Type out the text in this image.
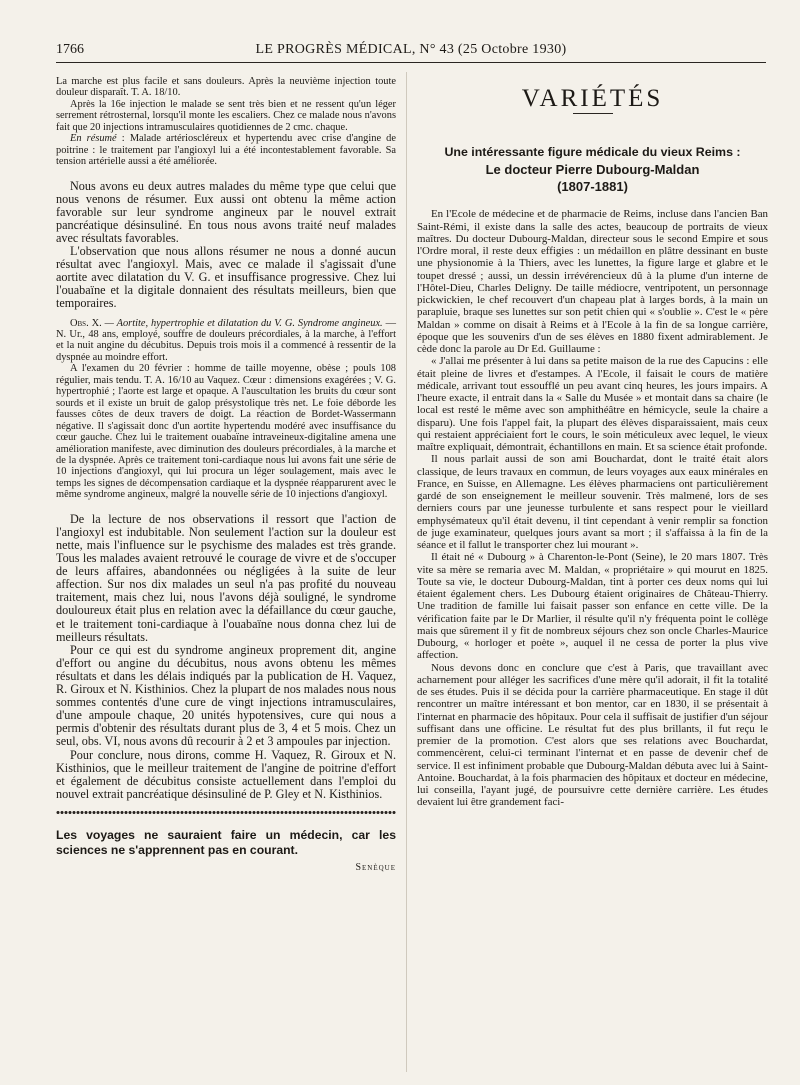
1766	LE PROGRÈS MÉDICAL, N° 43 (25 Octobre 1930)

La marche est plus facile et sans douleurs. Après la neuvième injection toute douleur disparaît. T. A. 18/10.

Après la 16e injection le malade se sent très bien et ne ressent qu'un léger serrement rétrosternal, lorsqu'il monte les escaliers. Chez ce malade nous n'avons fait que 20 injections intramusculaires quotidiennes de 2 cmc. chaque.

En résumé : Malade artérioscléreux et hypertendu avec crise d'angine de poitrine : le traitement par l'angioxyl lui a été incontestablement favorable. Sa tension artérielle aussi a été améliorée.

Nous avons eu deux autres malades du même type que celui que nous venons de résumer. Eux aussi ont obtenu la même action favorable sur leur syndrome angineux par le nouvel extrait pancréatique désinsuliné. En tous nous avons traité neuf malades avec résultats favorables.

L'observation que nous allons résumer ne nous a donné aucun résultat avec l'angioxyl. Mais, avec ce malade il s'agissait d'une aortite avec dilatation du V. G. et insuffisance progressive. Chez lui l'ouabaïne et la digitale donnaient des résultats meilleurs, bien que temporaires.

Obs. X. — Aortite, hypertrophie et dilatation du V. G. Syndrome angineux. — N. Ur., 48 ans, employé, souffre de douleurs précordiales, à la marche, à l'effort et la nuit angine du décubitus. Depuis trois mois il a commencé à ressentir de la dyspnée au moindre effort.

A l'examen du 20 février : homme de taille moyenne, obèse ; pouls 108 régulier, mais tendu. T. A. 16/10 au Vaquez. Cœur : dimensions exagérées ; V. G. hypertrophié ; l'aorte est large et opaque. A l'auscultation les bruits du cœur sont sourds et il existe un bruit de galop présystolique très net. Le foie déborde les fausses côtes de deux travers de doigt. La réaction de Bordet-Wassermann négative. Il s'agissait donc d'un aortite hypertendu modéré avec insuffisance du cœur gauche. Chez lui le traitement ouabaïne intraveineux-digitaline amena une amélioration manifeste, avec diminution des douleurs précordiales, à la marche et de la dyspnée. Après ce traitement toni-cardiaque nous lui avons fait une série de 10 injections d'angioxyl, qui lui procura un léger soulagement, mais avec le temps les signes de décompensation cardiaque et la dyspnée réapparurent avec le même syndrome angineux, malgré la nouvelle série de 10 injections d'angioxyl.

De la lecture de nos observations il ressort que l'action de l'angioxyl est indubitable. Non seulement l'action sur la douleur est nette, mais l'influence sur le psychisme des malades est très grande. Tous les malades avaient retrouvé le courage de vivre et de s'occuper de leurs affaires, abandonnées ou négligées à la suite de leur affection. Sur nos dix malades un seul n'a pas profité du nouveau traitement, mais chez lui, nous l'avons déjà souligné, le syndrome douloureux était plus en relation avec la défaillance du cœur gauche, et le traitement toni-cardiaque à l'ouabaïne nous donna chez lui de meilleurs résultats.

Pour ce qui est du syndrome angineux proprement dit, angine d'effort ou angine du décubitus, nous avons obtenu les mêmes résultats et dans les délais indiqués par la publication de H. Vaquez, R. Giroux et N. Kisthinios. Chez la plupart de nos malades nous nous sommes contentés d'une cure de vingt injections intramusculaires, d'une ampoule chaque, 20 unités hypotensives, cure qui nous a permis d'obtenir des résultats durant plus de 3, 4 et 5 mois. Chez un seul, obs. VI, nous avons dû recourir à 2 et 3 ampoules par injection.

Pour conclure, nous dirons, comme H. Vaquez, R. Giroux et N. Kisthinios, que le meilleur traitement de l'angine de poitrine d'effort et également de décubitus consiste actuellement dans l'emploi du nouvel extrait pancréatique désinsuliné de P. Gley et N. Kisthinios.

Les voyages ne sauraient faire un médecin, car les sciences ne s'apprennent pas en courant.
Senèque
VARIÉTÉS
Une intéressante figure médicale du vieux Reims :
Le docteur Pierre Dubourg-Maldan
(1807-1881)

En l'Ecole de médecine et de pharmacie de Reims, incluse dans l'ancien Ban Saint-Rémi, il existe dans la salle des actes, beaucoup de portraits de vieux maîtres. Du docteur Dubourg-Maldan, directeur sous le second Empire et sous l'Ordre moral, il reste deux effigies : un médaillon en plâtre dessinant en buste une physionomie à la Thiers, avec les lunettes, la figure large et glabre et le toupet dressé ; aussi, un dessin irrévérencieux dû à la plume d'un interne de l'Hôtel-Dieu, Charles Deligny. De taille médiocre, ventripotent, un personnage pickwickien, le chef recouvert d'un chapeau plat à larges bords, à la main un parapluie, braque ses lunettes sur son petit chien qui « s'oublie ». C'est le « père Maldan » comme on disait à Reims et à l'Ecole à la fin de sa longue carrière, époque que les souvenirs d'un de ses élèves en 1880 fixent admirablement. Je cède donc la parole au Dr Ed. Guillaume :

« J'allai me présenter à lui dans sa petite maison de la rue des Capucins : elle était pleine de livres et d'estampes. A l'Ecole, il faisait le cours de matière médicale, arrivant tout essoufflé un peu avant cinq heures, les jours impairs. A l'heure exacte, il entrait dans la « Salle du Musée » et montait dans sa chaire (le local est resté le même avec son amphithéâtre en hémicycle, seule la chaire a disparu). Une fois l'appel fait, la plupart des élèves disparaissaient, mais ceux qui restaient appréciaient fort le cours, le soin méticuleux avec lequel, le vieux maître expliquait, démontrait, échantillons en main. Et sa science était profonde.

Il nous parlait aussi de son ami Bouchardat, dont le traité était alors classique, de leurs travaux en commun, de leurs voyages aux eaux minérales en France, en Suisse, en Allemagne. Les élèves pharmaciens ont particulièrement gardé de son enseignement le meilleur souvenir. Très malmené, lors de ses derniers cours par une jeunesse turbulente et sans respect pour le vieillard emphysémateux qu'il était devenu, il tint cependant à venir remplir sa fonction de juge examinateur, quelques jours avant sa mort ; il s'affaissa à la fin de la séance et il fallut le transporter chez lui mourant ».

Il était né « Dubourg » à Charenton-le-Pont (Seine), le 20 mars 1807. Très vite sa mère se remaria avec M. Maldan, « propriétaire » qui mourut en 1825. Toute sa vie, le docteur Dubourg-Maldan, tint à porter ces deux noms qui lui étaient également chers. Les Dubourg étaient originaires de Château-Thierry. Une tradition de famille lui faisait passer son enfance en cette ville. De la vérification faite par le Dr Marlier, il résulte qu'il n'y fréquenta point le collège mais que sûrement il y fit de nombreux séjours chez son oncle Charles-Maurice Dubourg, « horloger et poète », auquel il ne cessa de porter la plus vive affection.

Nous devons donc en conclure que c'est à Paris, que travaillant avec acharnement pour alléger les sacrifices d'une mère qu'il adorait, il fit la totalité de ses études. Puis il se décida pour la carrière pharmaceutique. En stage il dût rencontrer un maître intéressant et bon mentor, car en 1830, il se présentait à l'internat en pharmacie des hôpitaux. Pour cela il suffisait de justifier d'un séjour suffisant dans une officine. Le résultat fut des plus brillants, il fut reçu le premier de la promotion. C'est alors que ses relations avec Bouchardat, commencèrent, celui-ci terminant l'internat et en passe de devenir chef de service. Il est infiniment probable que Dubourg-Maldan débuta avec lui à Saint-Antoine. Bouchardat, à la fois pharmacien des hôpitaux et docteur en médecine, lui conseilla, l'ayant jugé, de poursuivre cette dernière carrière. Les études devaient lui être grandement faci-
